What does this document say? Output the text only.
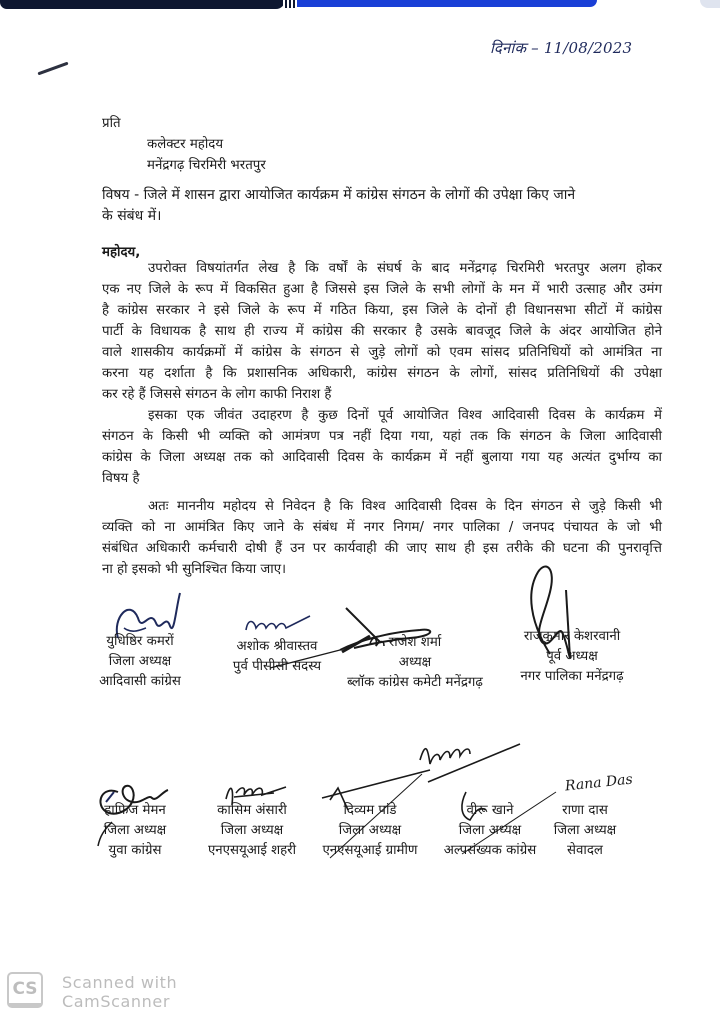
दिनांक – 11/08/2023
प्रति
कलेक्टर महोदय
मनेंद्रगढ़ चिरमिरी भरतपुर
विषय - जिले में शासन द्वारा आयोजित कार्यक्रम में कांग्रेस संगठन के लोगों की उपेक्षा किए जाने
के संबंध में।
महोदय,
उपरोक्त विषयांतर्गत लेख है कि वर्षों के संघर्ष के बाद मनेंद्रगढ़ चिरमिरी भरतपुर अलग होकर
एक नए जिले के रूप में विकसित हुआ है जिससे इस जिले के सभी लोगों के मन में भारी उत्साह और उमंग
है कांग्रेस सरकार ने इसे जिले के रूप में गठित किया, इस जिले के दोनों ही विधानसभा सीटों में कांग्रेस
पार्टी के विधायक है साथ ही राज्य में कांग्रेस की सरकार है उसके बावजूद जिले के अंदर आयोजित होने
वाले शासकीय कार्यक्रमों में कांग्रेस के संगठन से जुड़े लोगों को एवम सांसद प्रतिनिधियों को आमंत्रित ना
करना यह दर्शाता है कि प्रशासनिक अधिकारी, कांग्रेस संगठन के लोगों, सांसद प्रतिनिधियों की उपेक्षा
कर रहे हैं जिससे संगठन के लोग काफी निराश हैं
इसका एक जीवंत उदाहरण है कुछ दिनों पूर्व आयोजित विश्व आदिवासी दिवस के कार्यक्रम में
संगठन के किसी भी व्यक्ति को आमंत्रण पत्र नहीं दिया गया, यहां तक कि संगठन के जिला आदिवासी
कांग्रेस के जिला अध्यक्ष तक को आदिवासी दिवस के कार्यक्रम में नहीं बुलाया गया यह अत्यंत दुर्भाग्य का
विषय है
अतः माननीय महोदय से निवेदन है कि विश्व आदिवासी दिवस के दिन संगठन से जुड़े किसी भी
व्यक्ति को ना आमंत्रित किए जाने के संबंध में नगर निगम/ नगर पालिका / जनपद पंचायत के जो भी
संबंधित अधिकारी कर्मचारी दोषी हैं उन पर कार्यवाही की जाए साथ ही इस तरीके की घटना की पुनरावृत्ति
ना हो इसको भी सुनिश्चित किया जाए।
युधिष्ठिर कमरों
जिला अध्यक्ष
आदिवासी कांग्रेस
अशोक श्रीवास्तव
पुर्व पीसीसी सदस्य
राजेश शर्मा
अध्यक्ष
ब्लॉक कांग्रेस कमेटी मनेंद्रगढ़
राजकुमार केशरवानी
पूर्व अध्यक्ष
नगर पालिका मनेंद्रगढ़
Rana Das
हाफिज मेमन
जिला अध्यक्ष
युवा कांग्रेस
कासिम अंसारी
जिला अध्यक्ष
एनएसयूआई शहरी
दिव्यम पांडे
जिला अध्यक्ष
एनएसयूआई ग्रामीण
वीरू खाने
जिला अध्यक्ष
अल्पसंख्यक कांग्रेस
राणा दास
जिला अध्यक्ष
सेवादल
CS	Scanned with
CamScanner
